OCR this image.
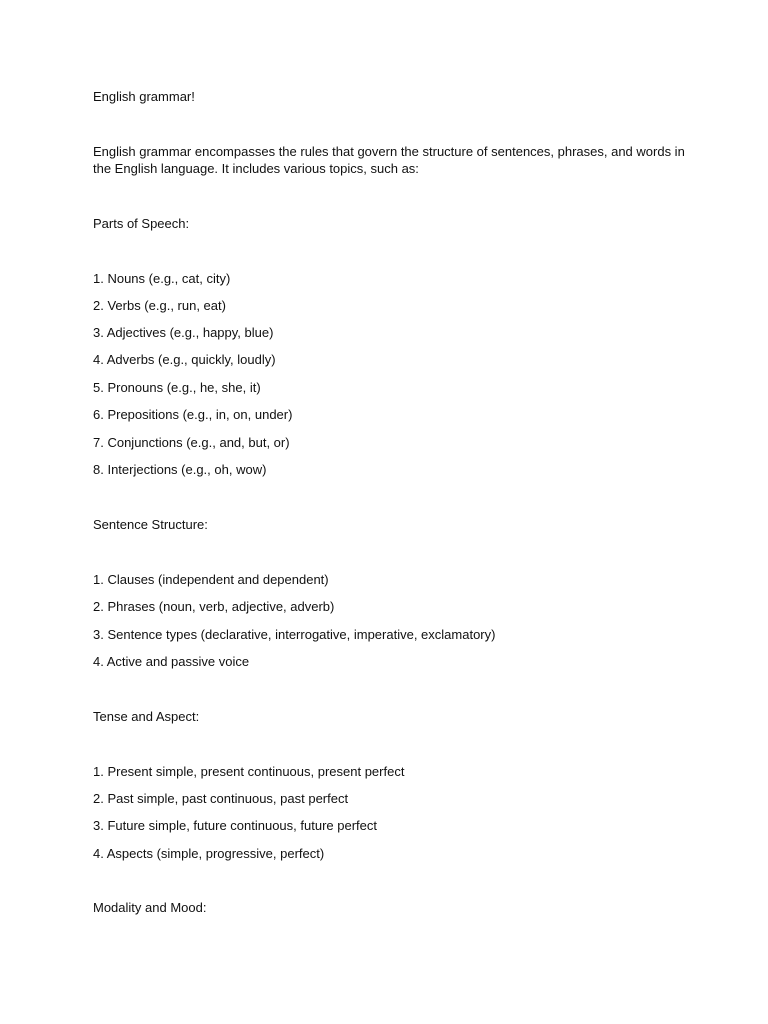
English grammar!

English grammar encompasses the rules that govern the structure of sentences, phrases, and words in the English language. It includes various topics, such as:

Parts of Speech:

1. Nouns (e.g., cat, city)

2. Verbs (e.g., run, eat)

3. Adjectives (e.g., happy, blue)

4. Adverbs (e.g., quickly, loudly)

5. Pronouns (e.g., he, she, it)

6. Prepositions (e.g., in, on, under)

7. Conjunctions (e.g., and, but, or)

8. Interjections (e.g., oh, wow)

Sentence Structure:

1. Clauses (independent and dependent)

2. Phrases (noun, verb, adjective, adverb)

3. Sentence types (declarative, interrogative, imperative, exclamatory)

4. Active and passive voice

Tense and Aspect:

1. Present simple, present continuous, present perfect

2. Past simple, past continuous, past perfect

3. Future simple, future continuous, future perfect

4. Aspects (simple, progressive, perfect)

Modality and Mood:
